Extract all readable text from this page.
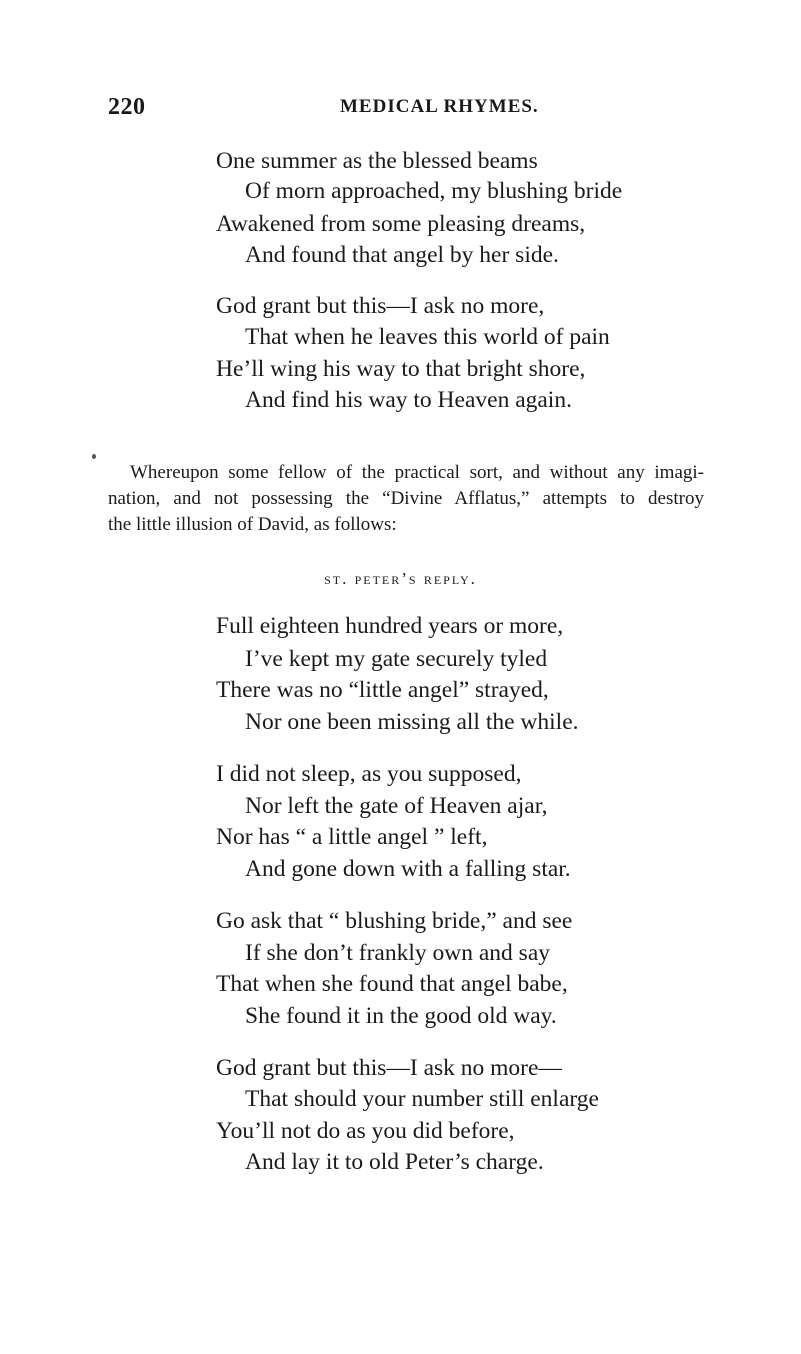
220	MEDICAL RHYMES.
One summer as the blessed beams
Of morn approached, my blushing bride
Awakened from some pleasing dreams,
And found that angel by her side.
God grant but this—I ask no more,
That when he leaves this world of pain
He’ll wing his way to that bright shore,
And find his way to Heaven again.
Whereupon some fellow of the practical sort, and without any imagi-
nation, and not possessing the “Divine Afflatus,” attempts to destroy
the little illusion of David, as follows:
st. peter’s reply.
Full eighteen hundred years or more,
I’ve kept my gate securely tyled
There was no “little angel” strayed,
Nor one been missing all the while.
I did not sleep, as you supposed,
Nor left the gate of Heaven ajar,
Nor has “ a little angel ” left,
And gone down with a falling star.
Go ask that “ blushing bride,” and see
If she don’t frankly own and say
That when she found that angel babe,
She found it in the good old way.
God grant but this—I ask no more—
That should your number still enlarge
You’ll not do as you did before,
And lay it to old Peter’s charge.
